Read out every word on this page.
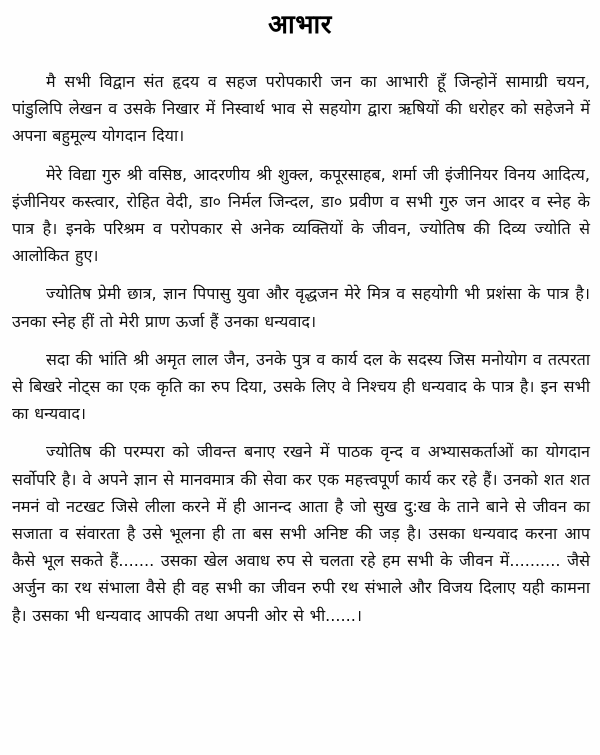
आभार

मै सभी विद्वान संत हृदय व सहज परोपकारी जन का आभारी हूँ जिन्होनें सामाग्री चयन, पांडुलिपि लेखन व उसके निखार में निस्वार्थ भाव से सहयोग द्वारा ऋषियों की धरोहर को सहेजने में अपना बहुमूल्य योगदान दिया।

मेरे विद्या गुरु श्री वसिष्ठ, आदरणीय श्री शुक्ल, कपूरसाहब, शर्मा जी इंजीनियर विनय आदित्य, इंजीनियर कस्त्वार, रोहित वेदी, डा० निर्मल जिन्दल, डा० प्रवीण व सभी गुरु जन आदर व स्नेह के पात्र है। इनके परिश्रम व परोपकार से अनेक व्यक्तियों के जीवन, ज्योतिष की दिव्य ज्योति से आलोकित हुए।

ज्योतिष प्रेमी छात्र, ज्ञान पिपासु युवा और वृद्धजन मेरे मित्र व सहयोगी भी प्रशंसा के पात्र है। उनका स्नेह हीं तो मेरी प्राण ऊर्जा हैं उनका धन्यवाद।

सदा की भांति श्री अमृत लाल जैन, उनके पुत्र व कार्य दल के सदस्य जिस मनोयोग व तत्परता से बिखरे नोट्स का एक कृति का रुप दिया, उसके लिए वे निश्चय ही धन्यवाद के पात्र है। इन सभी का धन्यवाद।

ज्योतिष की परम्परा को जीवन्त बनाए रखने में पाठक वृन्द व अभ्यासकर्ताओं का योगदान सर्वोपरि है। वे अपने ज्ञान से मानवमात्र की सेवा कर एक महत्त्वपूर्ण कार्य कर रहे हैं। उनको शत शत नमनं वो नटखट जिसे लीला करने में ही आनन्द आता है जो सुख दु:ख के ताने बाने से जीवन का सजाता व संवारता है उसे भूलना ही ता बस सभी अनिष्ट की जड़ है। उसका धन्यवाद करना आप कैसे भूल सकते हैं....... उसका खेल अवाध रुप से चलता रहे हम सभी के जीवन में.......... जैसे अर्जुन का रथ संभाला वैसे ही वह सभी का जीवन रुपी रथ संभाले और विजय दिलाए यही कामना है। उसका भी धन्यवाद आपकी तथा अपनी ओर से भी......।
